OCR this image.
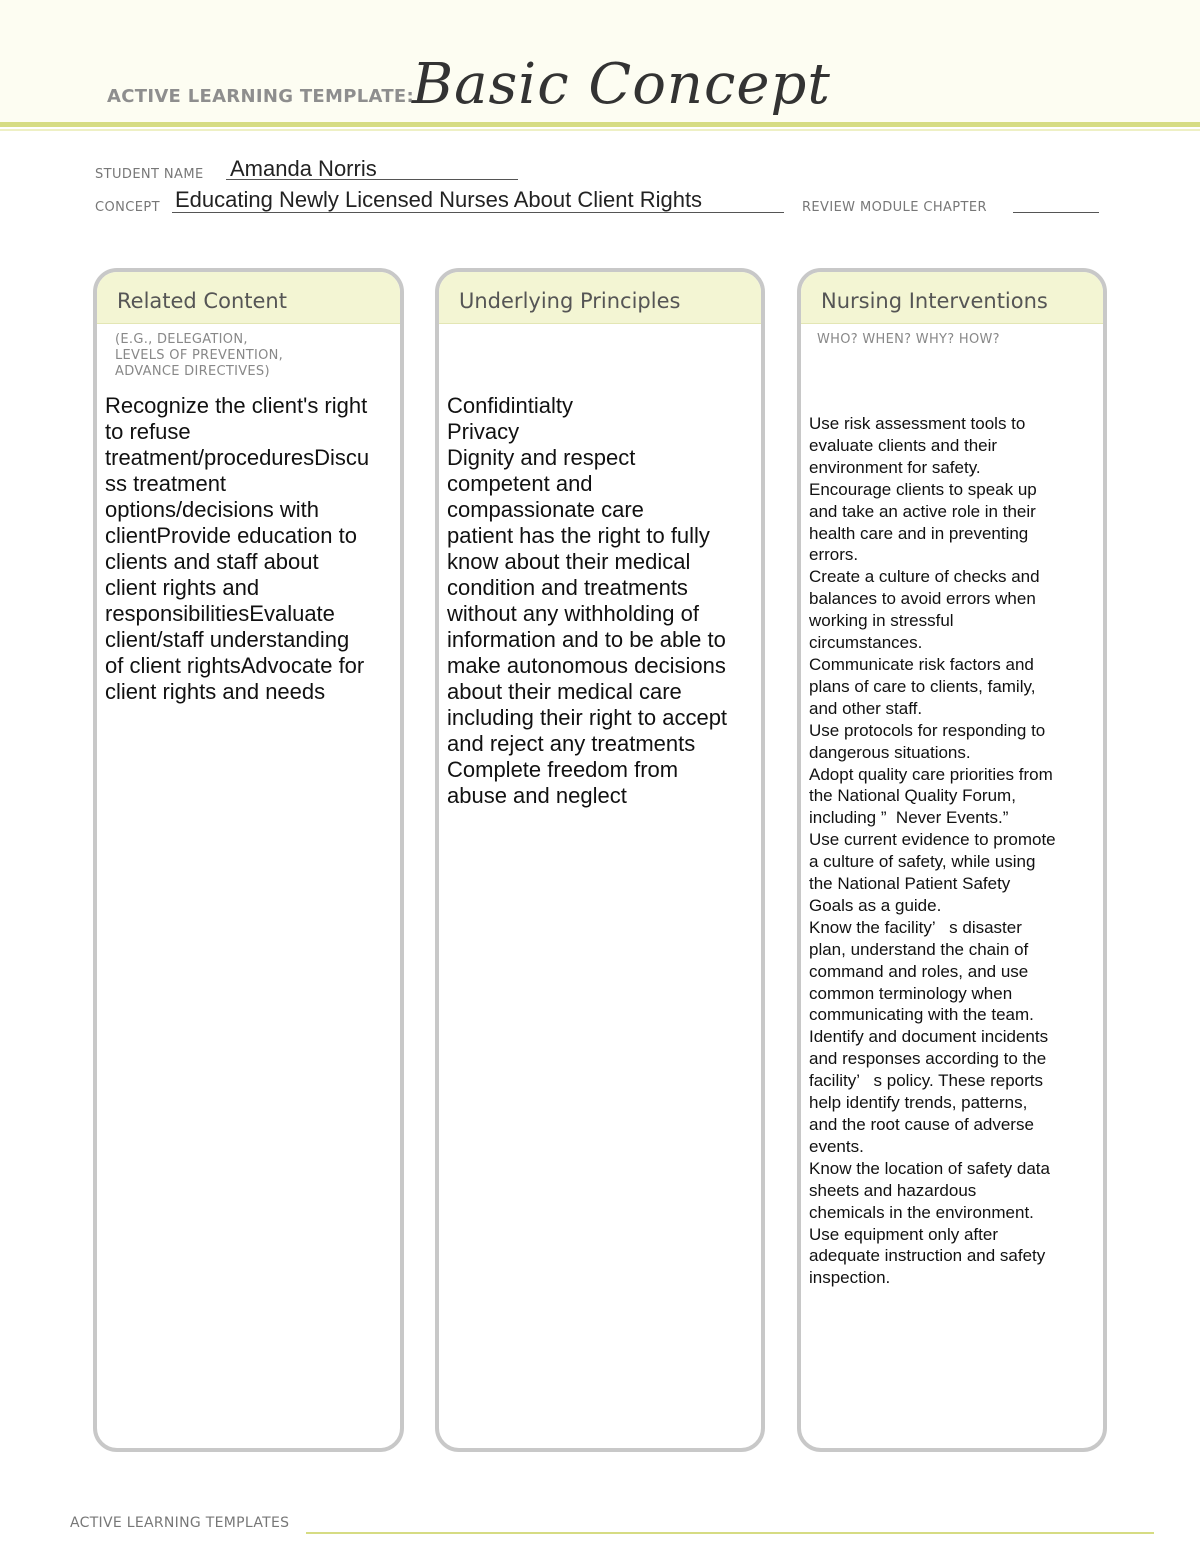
ACTIVE LEARNING TEMPLATE:
Basic Concept
STUDENT NAME Amanda Norris
CONCEPT Educating Newly Licensed Nurses About Client Rights	REVIEW MODULE CHAPTER
Related Content
(E.G., DELEGATION,
LEVELS OF PREVENTION,
ADVANCE DIRECTIVES)
Recognize the client's right
to refuse
treatment/proceduresDiscu
ss treatment
options/decisions with
clientProvide education to
clients and staff about
client rights and
responsibilitiesEvaluate
client/staff understanding
of client rightsAdvocate for
client rights and needs
Underlying Principles
Confidintialty
Privacy
Dignity and respect
competent and
compassionate care
patient has the right to fully
know about their medical
condition and treatments
without any withholding of
information and to be able to
make autonomous decisions
about their medical care
including their right to accept
and reject any treatments
Complete freedom from
abuse and neglect
Nursing Interventions
WHO? WHEN? WHY? HOW?
Use risk assessment tools to
evaluate clients and their
environment for safety.
Encourage clients to speak up
and take an active role in their
health care and in preventing
errors.
Create a culture of checks and
balances to avoid errors when
working in stressful
circumstances.
Communicate risk factors and
plans of care to clients, family,
and other staff.
Use protocols for responding to
dangerous situations.
Adopt quality care priorities from
the National Quality Forum,
including ”  Never Events.”
Use current evidence to promote
a culture of safety, while using
the National Patient Safety
Goals as a guide.
Know the facility’   s disaster
plan, understand the chain of
command and roles, and use
common terminology when
communicating with the team.
Identify and document incidents
and responses according to the
facility’   s policy. These reports
help identify trends, patterns,
and the root cause of adverse
events.
Know the location of safety data
sheets and hazardous
chemicals in the environment.
Use equipment only after
adequate instruction and safety
inspection.
ACTIVE LEARNING TEMPLATES
